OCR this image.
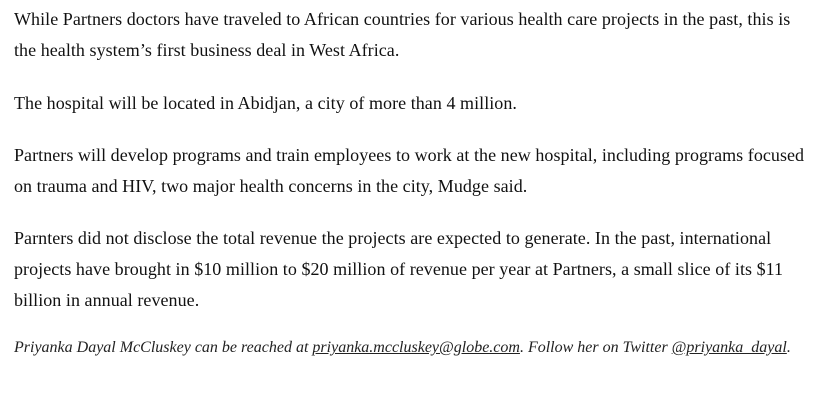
While Partners doctors have traveled to African countries for various health care projects in the past, this is the health system’s first business deal in West Africa.

The hospital will be located in Abidjan, a city of more than 4 million.

Partners will develop programs and train employees to work at the new hospital, including programs focused on trauma and HIV, two major health concerns in the city, Mudge said.

Parnters did not disclose the total revenue the projects are expected to generate. In the past, international projects have brought in $10 million to $20 million of revenue per year at Partners, a small slice of its $11 billion in annual revenue.

Priyanka Dayal McCluskey can be reached at priyanka.mccluskey@globe.com. Follow her on Twitter @priyanka_dayal.
